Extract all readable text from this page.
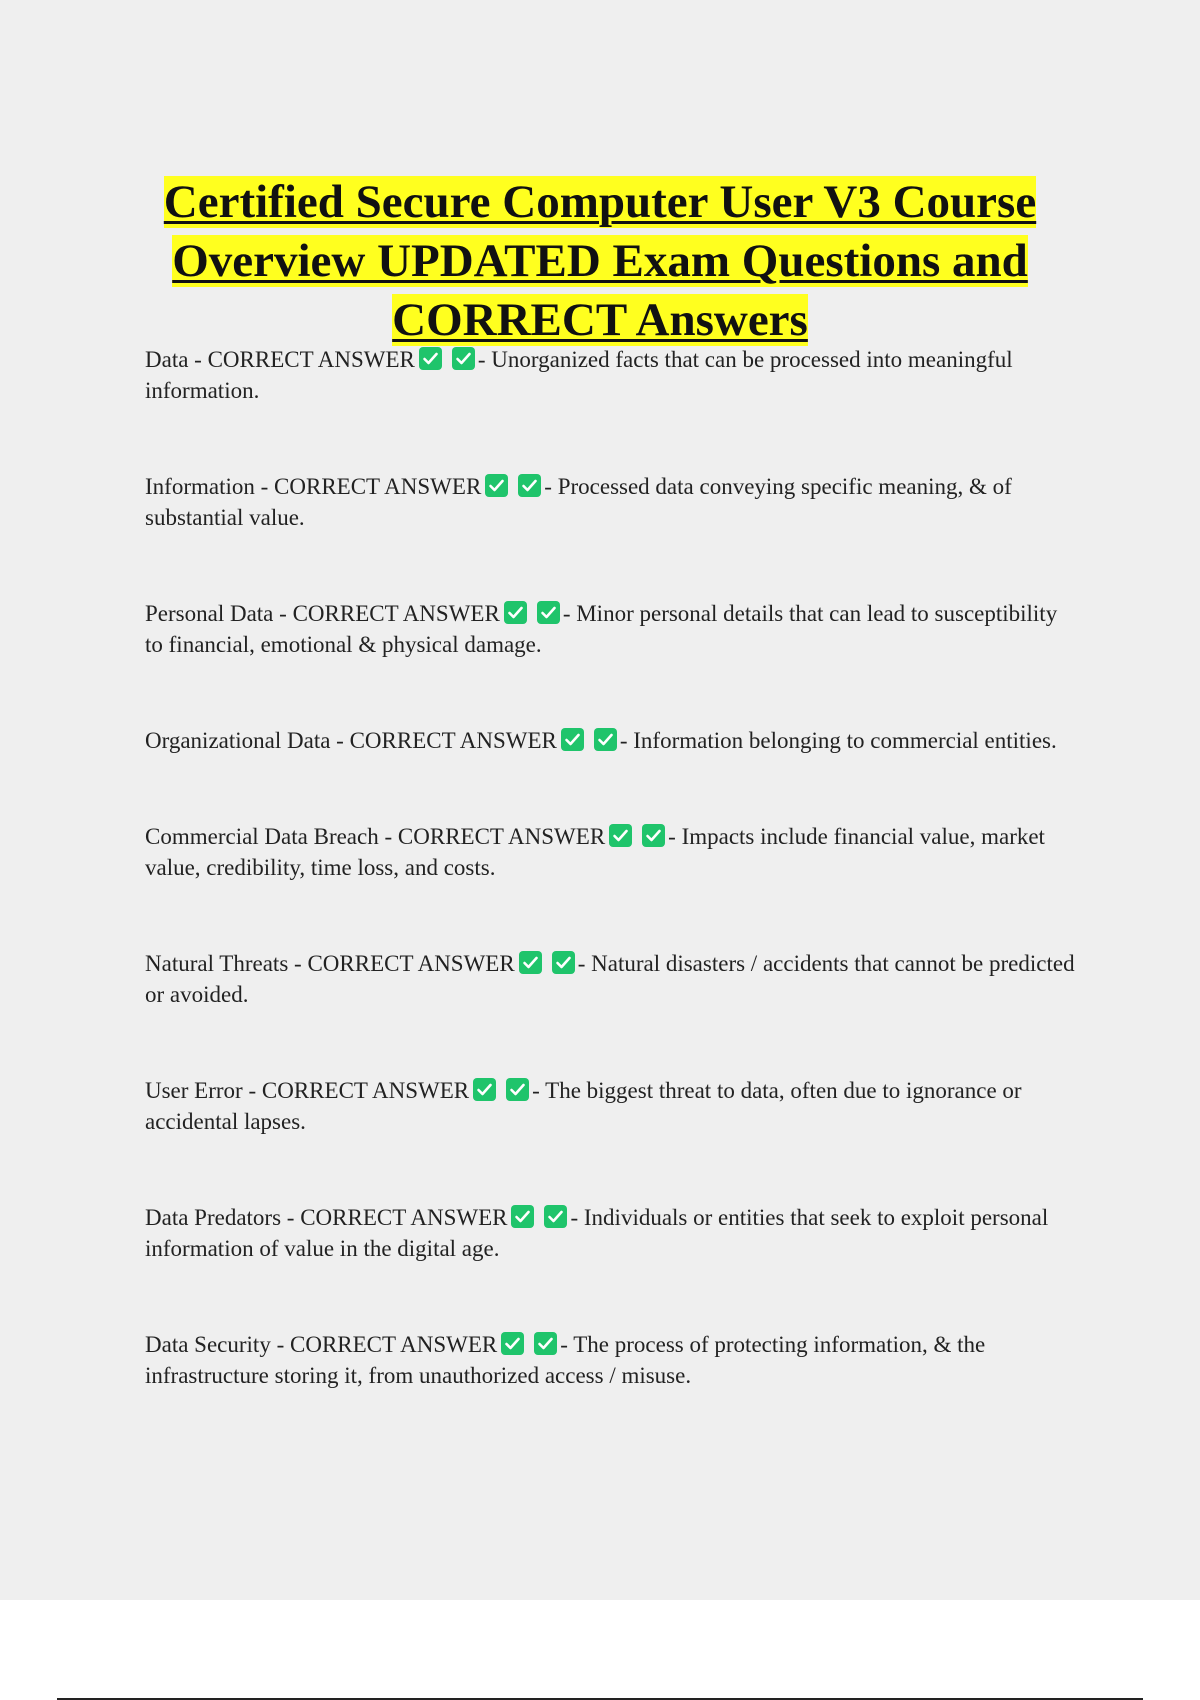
Certified Secure Computer User V3 Course
Overview UPDATED Exam Questions and
CORRECT Answers

Data - CORRECT ANSWER	- Unorganized facts that can be processed into meaningful information.

Information - CORRECT ANSWER	- Processed data conveying specific meaning, & of substantial value.

Personal Data - CORRECT ANSWER	- Minor personal details that can lead to susceptibility to financial, emotional & physical damage.

Organizational Data - CORRECT ANSWER	- Information belonging to commercial entities.

Commercial Data Breach - CORRECT ANSWER	- Impacts include financial value, market value, credibility, time loss, and costs.

Natural Threats - CORRECT ANSWER	- Natural disasters / accidents that cannot be predicted or avoided.

User Error - CORRECT ANSWER	- The biggest threat to data, often due to ignorance or accidental lapses.

Data Predators - CORRECT ANSWER	- Individuals or entities that seek to exploit personal information of value in the digital age.

Data Security - CORRECT ANSWER	- The process of protecting information, & the infrastructure storing it, from unauthorized access / misuse.
